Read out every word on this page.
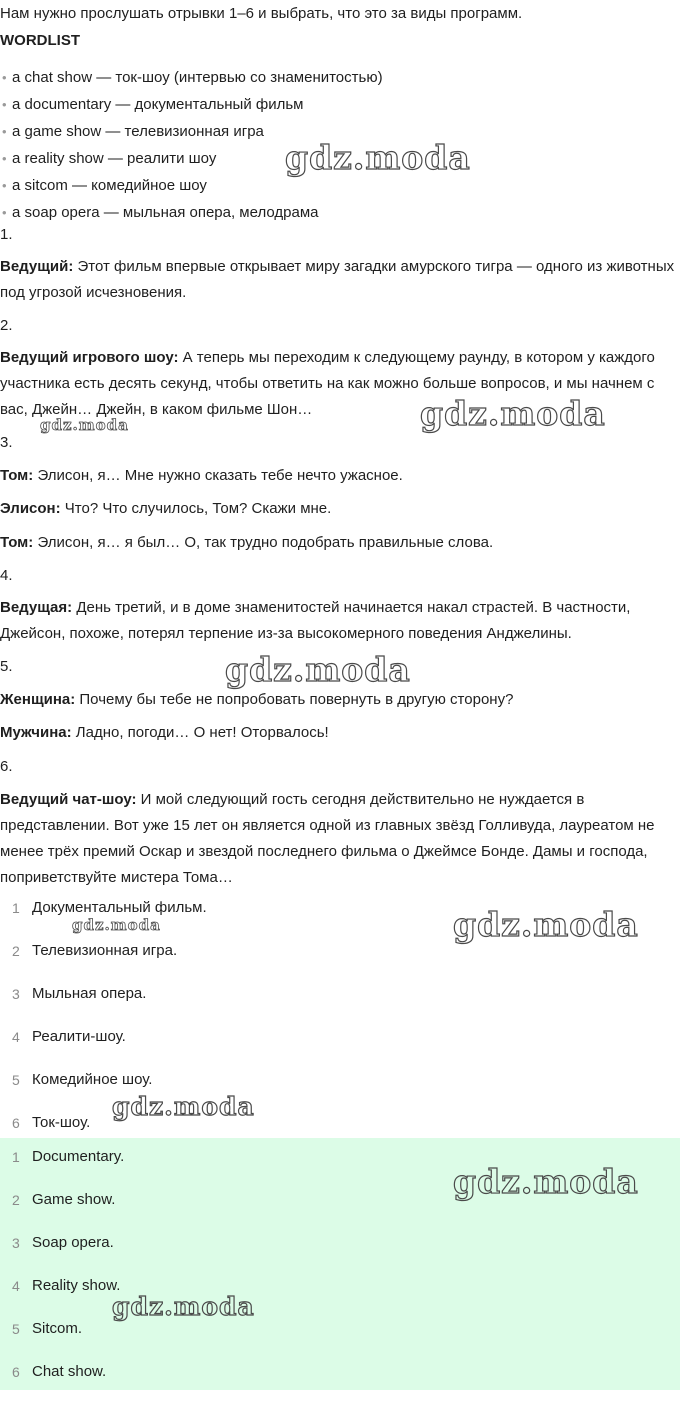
Нам нужно прослушать отрывки 1–6 и выбрать, что это за виды программ.

WORDLIST

• a chat show — ток-шоу (интервью со знаменитостью)
• a documentary — документальный фильм
• a game show — телевизионная игра
• a reality show — реалити шоу
• a sitcom — комедийное шоу
• a soap opera — мыльная опера, мелодрама

1.

Ведущий: Этот фильм впервые открывает миру загадки амурского тигра — одного из животных под угрозой исчезновения.

2.

Ведущий игрового шоу: А теперь мы переходим к следующему раунду, в котором у каждого участника есть десять секунд, чтобы ответить на как можно больше вопросов, и мы начнем с вас, Джейн… Джейн, в каком фильме Шон…

3.

Том: Элисон, я… Мне нужно сказать тебе нечто ужасное.

Элисон: Что? Что случилось, Том? Скажи мне.

Том: Элисон, я… я был… О, так трудно подобрать правильные слова.

4.

Ведущая: День третий, и в доме знаменитостей начинается накал страстей. В частности, Джейсон, похоже, потерял терпение из-за высокомерного поведения Анджелины.

5.

Женщина: Почему бы тебе не попробовать повернуть в другую сторону?

Мужчина: Ладно, погоди… О нет! Оторвалось!

6.

Ведущий чат-шоу: И мой следующий гость сегодня действительно не нуждается в представлении. Вот уже 15 лет он является одной из главных звёзд Голливуда, лауреатом не менее трёх премий Оскар и звездой последнего фильма о Джеймсе Бонде. Дамы и господа, поприветствуйте мистера Тома…

1 Документальный фильм.
2 Телевизионная игра.
3 Мыльная опера.
4 Реалити-шоу.
5 Комедийное шоу.
6 Ток-шоу.
1 Documentary.
2 Game show.
3 Soap opera.
4 Reality show.
5 Sitcom.
6 Chat show.
gdz.moda
gdz.moda
gdz.moda
gdz.moda
gdz.moda
gdz.moda
gdz.moda
